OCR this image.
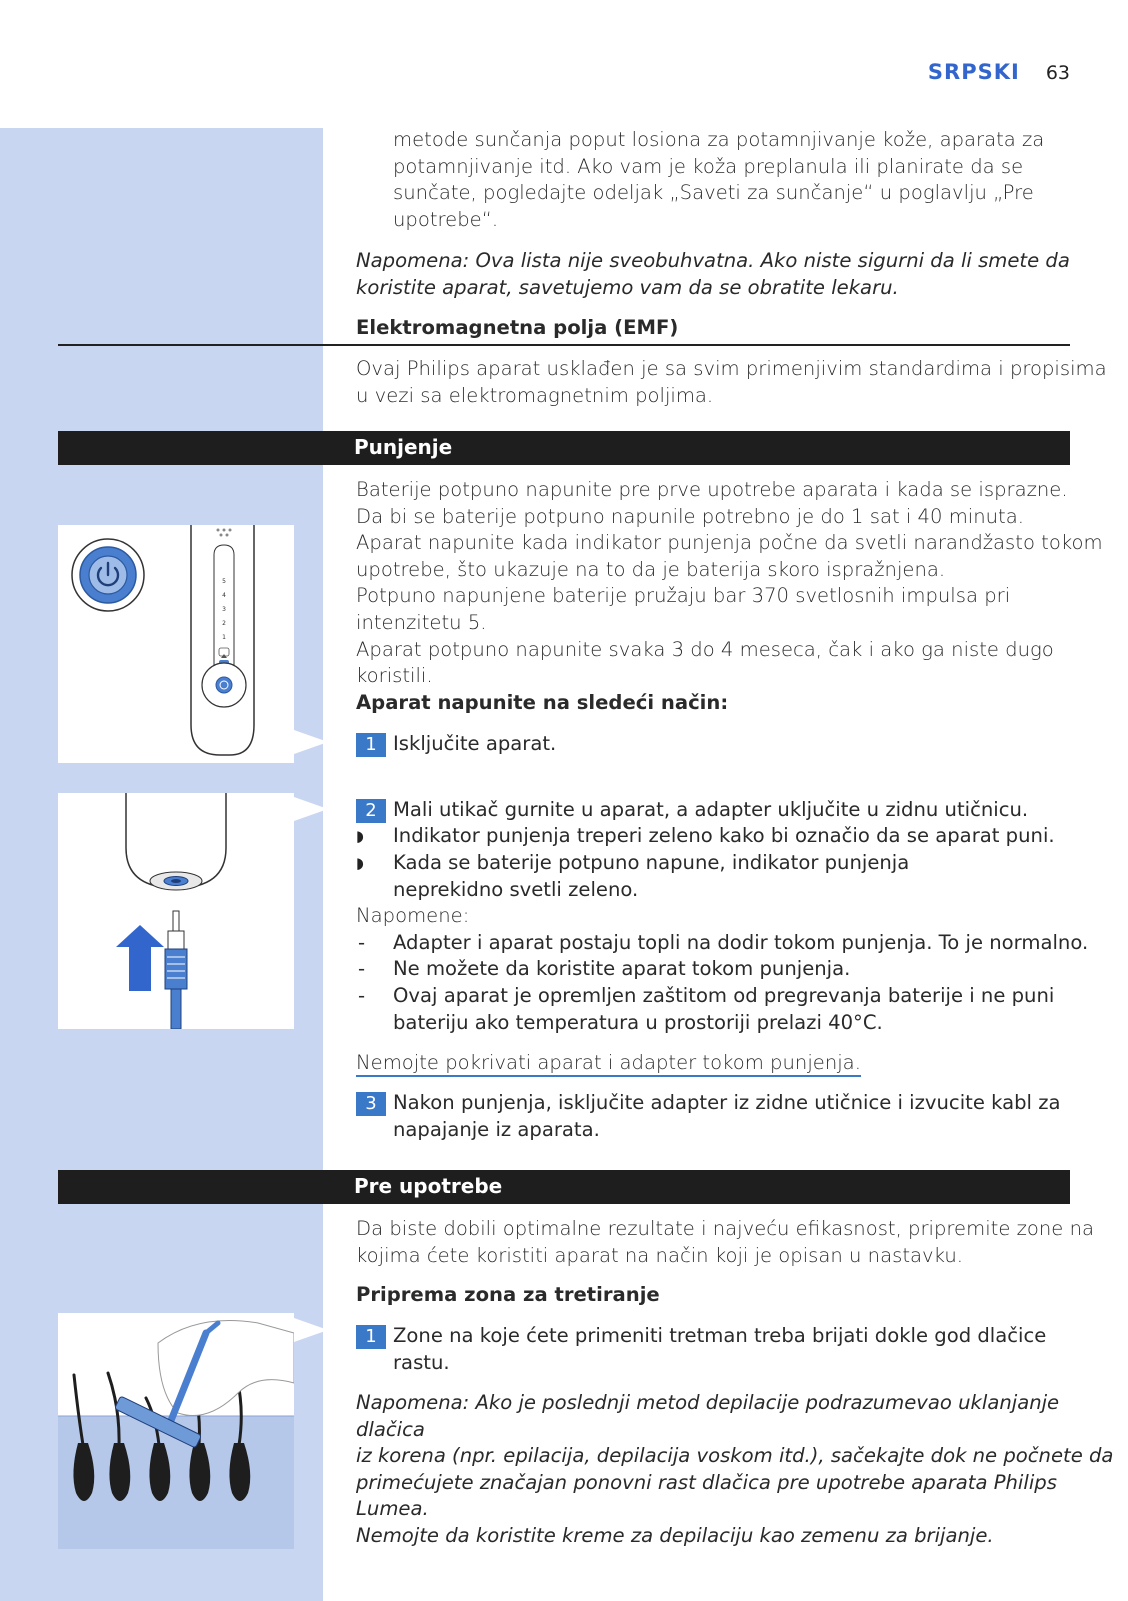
SRPSKI 63
metode sunčanja poput losiona za potamnjivanje kože, aparata za
potamnjivanje itd. Ako vam je koža preplanula ili planirate da se
sunčate, pogledajte odeljak „Saveti za sunčanje“ u poglavlju „Pre
upotrebe“.
Napomena: Ova lista nije sveobuhvatna. Ako niste sigurni da li smete da
koristite aparat, savetujemo vam da se obratite lekaru.
Elektromagnetna polja (EMF)
Ovaj Philips aparat usklađen je sa svim primenjivim standardima i propisima
u vezi sa elektromagnetnim poljima.
Punjenje
Baterije potpuno napunite pre prve upotrebe aparata i kada se isprazne.
Da bi se baterije potpuno napunile potrebno je do 1 sat i 40 minuta.
Aparat napunite kada indikator punjenja počne da svetli narandžasto tokom
upotrebe, što ukazuje na to da je baterija skoro ispražnjena.
Potpuno napunjene baterije pružaju bar 370 svetlosnih impulsa pri
intenzitetu 5.
Aparat potpuno napunite svaka 3 do 4 meseca, čak i ako ga niste dugo
koristili.
Aparat napunite na sledeći način:
1 Isključite aparat.
2 Mali utikač gurnite u aparat, a adapter uključite u zidnu utičnicu.
◗	Indikator punjenja treperi zeleno kako bi označio da se aparat puni.
◗	Kada se baterije potpuno napune, indikator punjenja
neprekidno svetli zeleno.
Napomene:
- Adapter i aparat postaju topli na dodir tokom punjenja. To je normalno.
- Ne možete da koristite aparat tokom punjenja.
- Ovaj aparat je opremljen zaštitom od pregrevanja baterije i ne puni
bateriju ako temperatura u prostoriji prelazi 40°C.
Nemojte pokrivati aparat i adapter tokom punjenja.
3 Nakon punjenja, isključite adapter iz zidne utičnice i izvucite kabl za
napajanje iz aparata.
Pre upotrebe
Da biste dobili optimalne rezultate i najveću efikasnost, pripremite zone na
kojima ćete koristiti aparat na način koji je opisan u nastavku.
Priprema zona za tretiranje
1 Zone na koje ćete primeniti tretman treba brijati dokle god dlačice
rastu.
Napomena: Ako je poslednji metod depilacije podrazumevao uklanjanje dlačica
iz korena (npr. epilacija, depilacija voskom itd.), sačekajte dok ne počnete da
primećujete značajan ponovni rast dlačica pre upotrebe aparata Philips Lumea.
Nemojte da koristite kreme za depilaciju kao zemenu za brijanje.
5
4
3
2
1
